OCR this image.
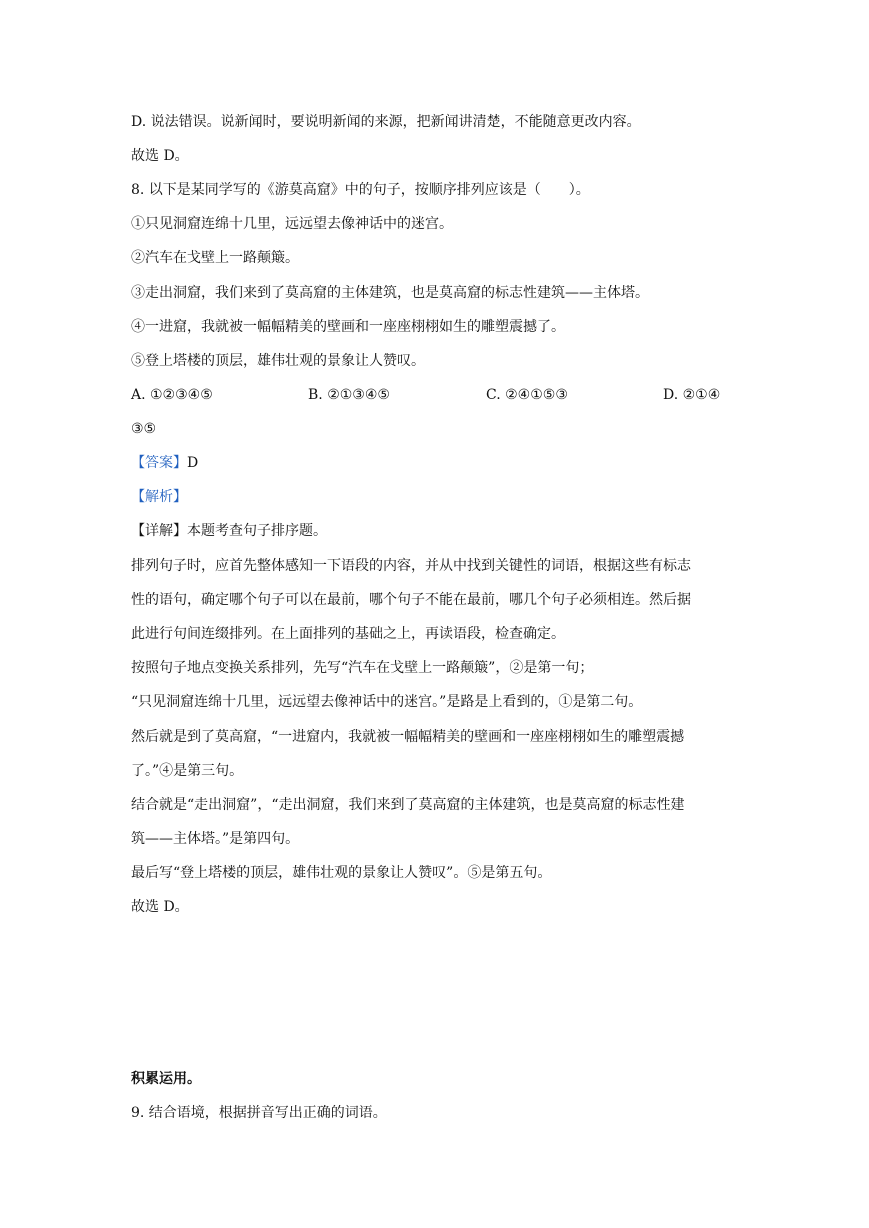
D. 说法错误。说新闻时，要说明新闻的来源，把新闻讲清楚，不能随意更改内容。
故选 D。
8. 以下是某同学写的《游莫高窟》中的句子，按顺序排列应该是（　　）。
①只见洞窟连绵十几里，远远望去像神话中的迷宫。
②汽车在戈壁上一路颠簸。
③走出洞窟，我们来到了莫高窟的主体建筑，也是莫高窟的标志性建筑——主体塔。
④一进窟，我就被一幅幅精美的壁画和一座座栩栩如生的雕塑震撼了。
⑤登上塔楼的顶层，雄伟壮观的景象让人赞叹。
A. ①②③④⑤	B. ②①③④⑤	C. ②④①⑤③	D. ②①④
③⑤
【答案】D
【解析】
【详解】本题考查句子排序题。
排列句子时，应首先整体感知一下语段的内容，并从中找到关键性的词语，根据这些有标志
性的语句，确定哪个句子可以在最前，哪个句子不能在最前，哪几个句子必须相连。然后据
此进行句间连缀排列。在上面排列的基础之上，再读语段，检查确定。
按照句子地点变换关系排列，先写“汽车在戈壁上一路颠簸”，②是第一句；
“只见洞窟连绵十几里，远远望去像神话中的迷宫。”是路是上看到的，①是第二句。
然后就是到了莫高窟，“一进窟内，我就被一幅幅精美的壁画和一座座栩栩如生的雕塑震撼
了。”④是第三句。
结合就是“走出洞窟”，“走出洞窟，我们来到了莫高窟的主体建筑，也是莫高窟的标志性建
筑——主体塔。”是第四句。
最后写“登上塔楼的顶层，雄伟壮观的景象让人赞叹”。⑤是第五句。
故选 D。
积累运用。
9. 结合语境，根据拼音写出正确的词语。
